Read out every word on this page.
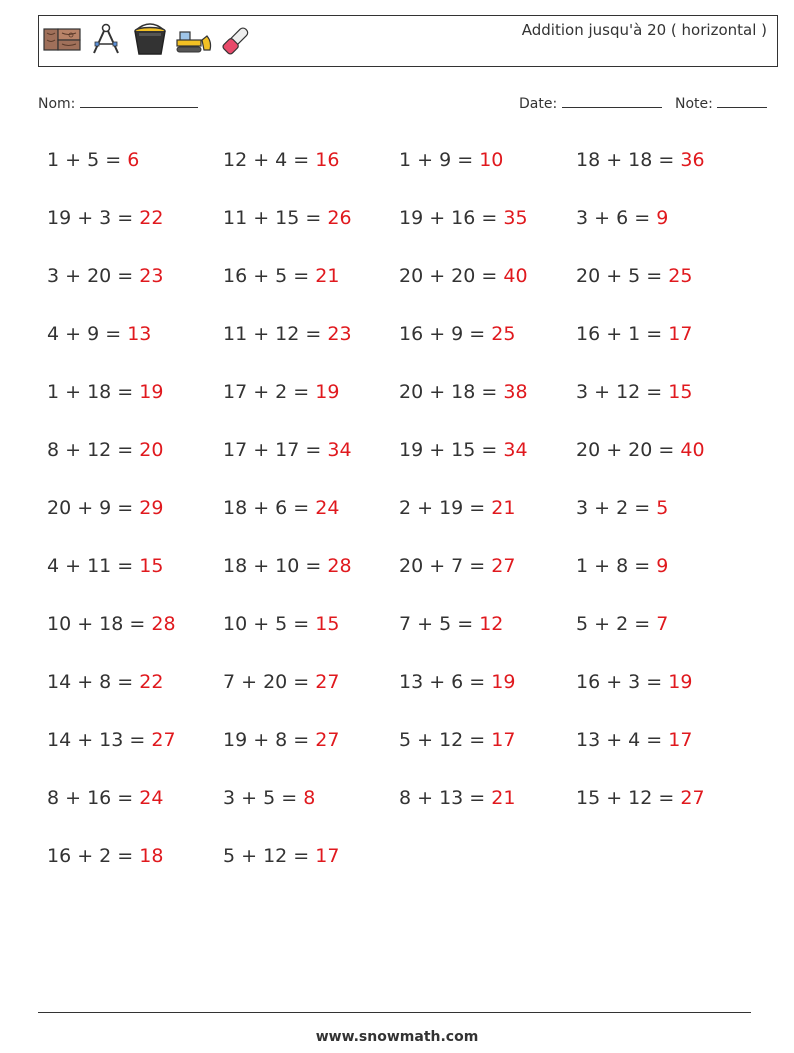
Addition jusqu'à 20 ( horizontal )
Nom:	Date:	Note:
1 + 5 = 6	12 + 4 = 16	1 + 9 = 10	18 + 18 = 36
19 + 3 = 22	11 + 15 = 26	19 + 16 = 35	3 + 6 = 9
3 + 20 = 23	16 + 5 = 21	20 + 20 = 40	20 + 5 = 25
4 + 9 = 13	11 + 12 = 23	16 + 9 = 25	16 + 1 = 17
1 + 18 = 19	17 + 2 = 19	20 + 18 = 38	3 + 12 = 15
8 + 12 = 20	17 + 17 = 34	19 + 15 = 34	20 + 20 = 40
20 + 9 = 29	18 + 6 = 24	2 + 19 = 21	3 + 2 = 5
4 + 11 = 15	18 + 10 = 28	20 + 7 = 27	1 + 8 = 9
10 + 18 = 28	10 + 5 = 15	7 + 5 = 12	5 + 2 = 7
14 + 8 = 22	7 + 20 = 27	13 + 6 = 19	16 + 3 = 19
14 + 13 = 27	19 + 8 = 27	5 + 12 = 17	13 + 4 = 17
8 + 16 = 24	3 + 5 = 8	8 + 13 = 21	15 + 12 = 27
16 + 2 = 18	5 + 12 = 17
www.snowmath.com
